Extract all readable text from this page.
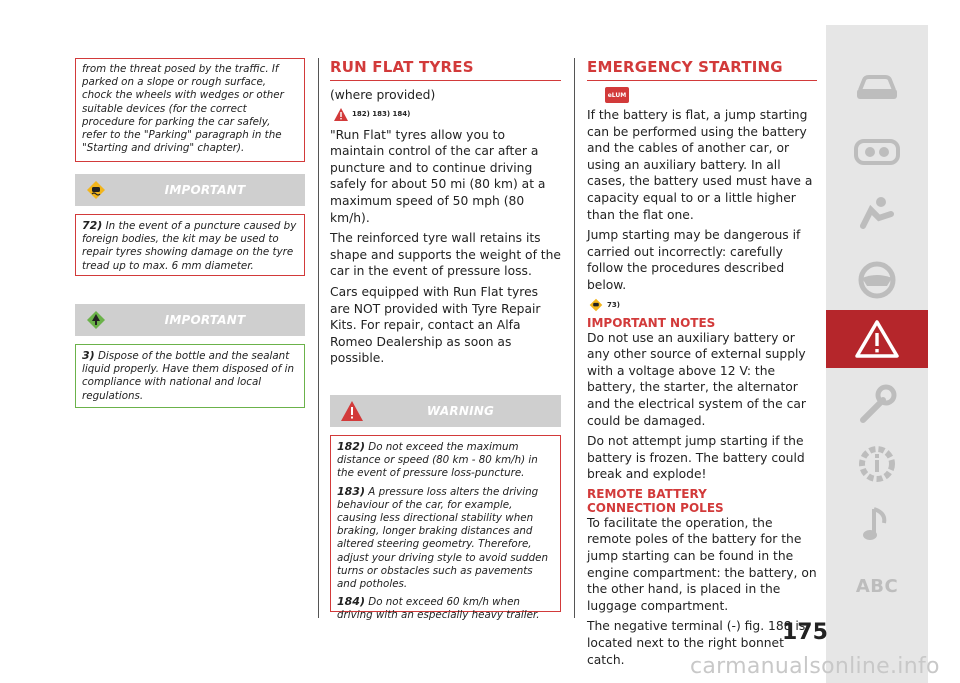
from the threat posed by the traffic. If parked on a slope or rough surface, chock the wheels with wedges or other suitable devices (for the correct procedure for parking the car safely, refer to the "Parking" paragraph in the "Starting and driving" chapter).
IMPORTANT
72) In the event of a puncture caused by foreign bodies, the kit may be used to repair tyres showing damage on the tyre tread up to max. 6 mm diameter.
IMPORTANT
3) Dispose of the bottle and the sealant liquid properly. Have them disposed of in compliance with national and local regulations.
RUN FLAT TYRES

(where provided)

182) 183) 184)

"Run Flat" tyres allow you to maintain control of the car after a puncture and to continue driving safely for about 50 mi (80 km) at a maximum speed of 50 mph (80 km/h).

The reinforced tyre wall retains its shape and supports the weight of the car in the event of pressure loss.

Cars equipped with Run Flat tyres are NOT provided with Tyre Repair Kits. For repair, contact an Alfa Romeo Dealership as soon as possible.

WARNING
182) Do not exceed the maximum distance or speed (80 km - 80 km/h) in the event of pressure loss-puncture.
183) A pressure loss alters the driving behaviour of the car, for example, causing less directional stability when braking, longer braking distances and altered steering geometry. Therefore, adjust your driving style to avoid sudden turns or obstacles such as pavements and potholes.
184) Do not exceed 60 km/h when driving with an especially heavy trailer.
EMERGENCY STARTING
eLUM

If the battery is flat, a jump starting can be performed using the battery and the cables of another car, or using an auxiliary battery. In all cases, the battery used must have a capacity equal to or a little higher than the flat one.

Jump starting may be dangerous if carried out incorrectly: carefully follow the procedures described below.

73)
IMPORTANT NOTES

Do not use an auxiliary battery or any other source of external supply with a voltage above 12 V: the battery, the starter, the alternator and the electrical system of the car could be damaged.

Do not attempt jump starting if the battery is frozen. The battery could break and explode!

REMOTE BATTERY CONNECTION POLES

To facilitate the operation, the remote poles of the battery for the jump starting can be found in the engine compartment: the battery, on the other hand, is placed in the luggage compartment.

The negative terminal (-) fig. 188 is located next to the right bonnet catch.

ABC
175
carmanualsonline.info
